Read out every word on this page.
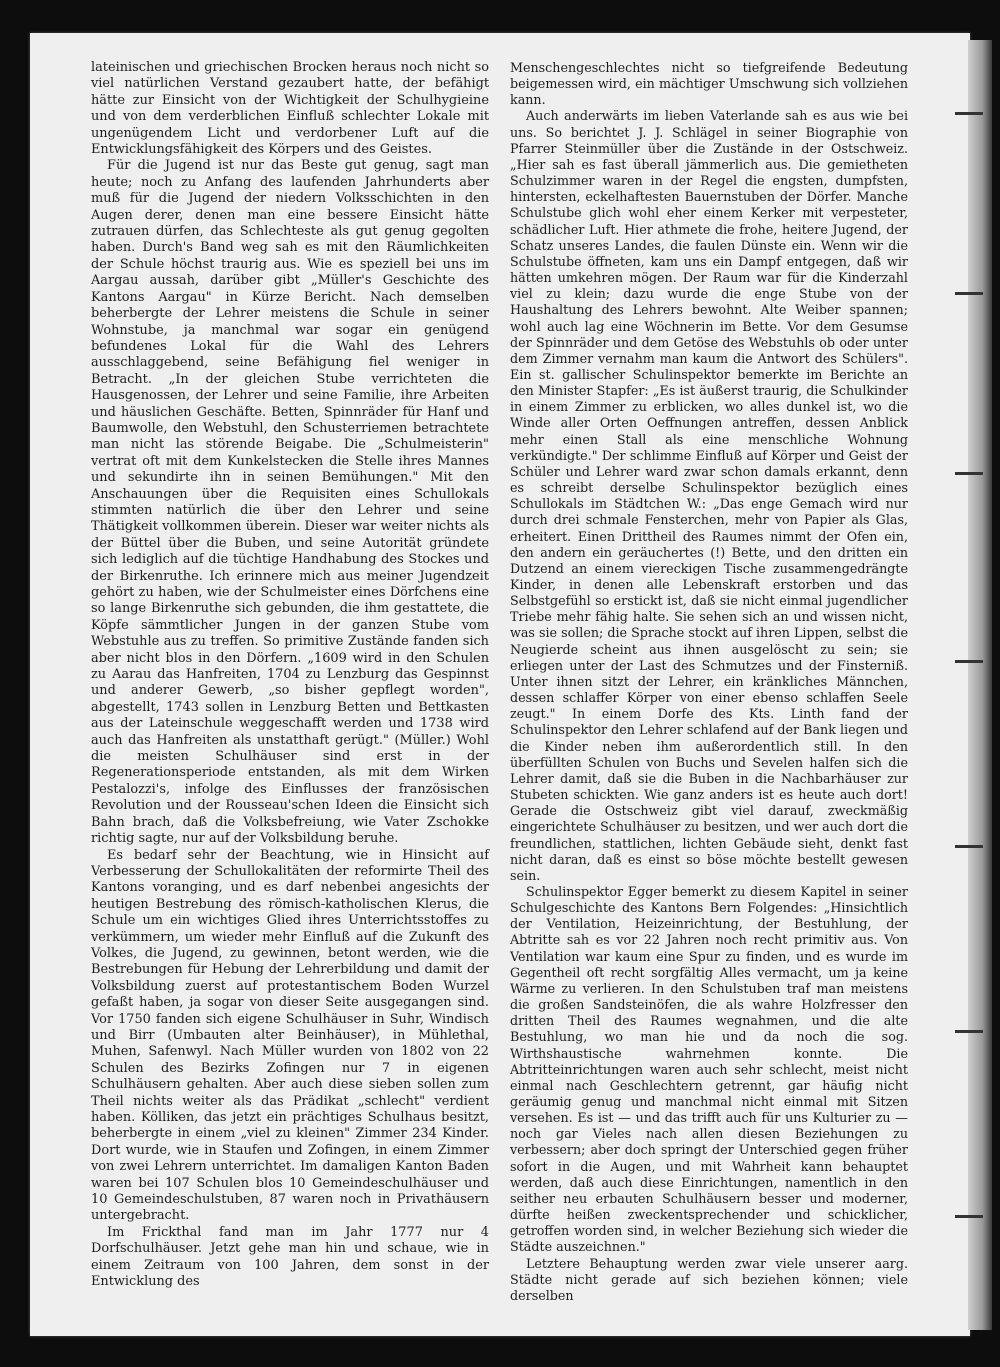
lateinischen und griechischen Brocken heraus noch nicht so viel natürlichen Verstand gezaubert hatte, der befähigt hätte zur Einsicht von der Wichtigkeit der Schulhygieine und von dem verderblichen Einfluß schlechter Lokale mit ungenügendem Licht und verdorbener Luft auf die Entwicklungsfähigkeit des Körpers und des Geistes.

Für die Jugend ist nur das Beste gut genug, sagt man heute; noch zu Anfang des laufenden Jahrhunderts aber muß für die Jugend der niedern Volksschichten in den Augen derer, denen man eine bessere Einsicht hätte zutrauen dürfen, das Schlechteste als gut genug gegolten haben. Durch's Band weg sah es mit den Räumlichkeiten der Schule höchst traurig aus. Wie es speziell bei uns im Aargau aussah, darüber gibt „Müller's Geschichte des Kantons Aargau" in Kürze Bericht. Nach demselben beherbergte der Lehrer meistens die Schule in seiner Wohnstube, ja manchmal war sogar ein genügend befundenes Lokal für die Wahl des Lehrers ausschlaggebend, seine Befähigung fiel weniger in Betracht. „In der gleichen Stube verrichteten die Hausgenossen, der Lehrer und seine Familie, ihre Arbeiten und häuslichen Geschäfte. Betten, Spinnräder für Hanf und Baumwolle, den Webstuhl, den Schusterriemen betrachtete man nicht las störende Beigabe. Die „Schulmeisterin" vertrat oft mit dem Kunkelstecken die Stelle ihres Mannes und sekundirte ihn in seinen Bemühungen." Mit den Anschauungen über die Requisiten eines Schullokals stimmten natürlich die über den Lehrer und seine Thätigkeit vollkommen überein. Dieser war weiter nichts als der Büttel über die Buben, und seine Autorität gründete sich lediglich auf die tüchtige Handhabung des Stockes und der Birkenruthe. Ich erinnere mich aus meiner Jugendzeit gehört zu haben, wie der Schulmeister eines Dörfchens eine so lange Birkenruthe sich gebunden, die ihm gestattete, die Köpfe sämmtlicher Jungen in der ganzen Stube vom Webstuhle aus zu treffen. So primitive Zustände fanden sich aber nicht blos in den Dörfern. „1609 wird in den Schulen zu Aarau das Hanfreiten, 1704 zu Lenzburg das Gespinnst und anderer Gewerb, „so bisher gepflegt worden", abgestellt, 1743 sollen in Lenzburg Betten und Bettkasten aus der Lateinschule weggeschafft werden und 1738 wird auch das Hanfreiten als unstatthaft gerügt." (Müller.) Wohl die meisten Schulhäuser sind erst in der Regenerationsperiode entstanden, als mit dem Wirken Pestalozzi's, infolge des Einflusses der französischen Revolution und der Rousseau'schen Ideen die Einsicht sich Bahn brach, daß die Volksbefreiung, wie Vater Zschokke richtig sagte, nur auf der Volksbildung beruhe.

Es bedarf sehr der Beachtung, wie in Hinsicht auf Verbesserung der Schullokalitäten der reformirte Theil des Kantons voranging, und es darf nebenbei angesichts der heutigen Bestrebung des römisch-katholischen Klerus, die Schule um ein wichtiges Glied ihres Unterrichtsstoffes zu verkümmern, um wieder mehr Einfluß auf die Zukunft des Volkes, die Jugend, zu gewinnen, betont werden, wie die Bestrebungen für Hebung der Lehrerbildung und damit der Volksbildung zuerst auf protestantischem Boden Wurzel gefaßt haben, ja sogar von dieser Seite ausgegangen sind. Vor 1750 fanden sich eigene Schulhäuser in Suhr, Windisch und Birr (Umbauten alter Beinhäuser), in Mühlethal, Muhen, Safenwyl. Nach Müller wurden von 1802 von 22 Schulen des Bezirks Zofingen nur 7 in eigenen Schulhäusern gehalten. Aber auch diese sieben sollen zum Theil nichts weiter als das Prädikat „schlecht" verdient haben. Kölliken, das jetzt ein prächtiges Schulhaus besitzt, beherbergte in einem „viel zu kleinen" Zimmer 234 Kinder. Dort wurde, wie in Staufen und Zofingen, in einem Zimmer von zwei Lehrern unterrichtet. Im damaligen Kanton Baden waren bei 107 Schulen blos 10 Gemeindeschulhäuser und 10 Gemeindeschulstuben, 87 waren noch in Privathäusern untergebracht.

Im Frickthal fand man im Jahr 1777 nur 4 Dorfschulhäuser. Jetzt gehe man hin und schaue, wie in einem Zeitraum von 100 Jahren, dem sonst in der Entwicklung des

Menschengeschlechtes nicht so tiefgreifende Bedeutung beigemessen wird, ein mächtiger Umschwung sich vollziehen kann.

Auch anderwärts im lieben Vaterlande sah es aus wie bei uns. So berichtet J. J. Schlägel in seiner Biographie von Pfarrer Steinmüller über die Zustände in der Ostschweiz. „Hier sah es fast überall jämmerlich aus. Die gemietheten Schulzimmer waren in der Regel die engsten, dumpfsten, hintersten, eckelhaftesten Bauernstuben der Dörfer. Manche Schulstube glich wohl eher einem Kerker mit verpesteter, schädlicher Luft. Hier athmete die frohe, heitere Jugend, der Schatz unseres Landes, die faulen Dünste ein. Wenn wir die Schulstube öffneten, kam uns ein Dampf entgegen, daß wir hätten umkehren mögen. Der Raum war für die Kinderzahl viel zu klein; dazu wurde die enge Stube von der Haushaltung des Lehrers bewohnt. Alte Weiber spannen; wohl auch lag eine Wöchnerin im Bette. Vor dem Gesumse der Spinnräder und dem Getöse des Webstuhls ob oder unter dem Zimmer vernahm man kaum die Antwort des Schülers". Ein st. gallischer Schulinspektor bemerkte im Berichte an den Minister Stapfer: „Es ist äußerst traurig, die Schulkinder in einem Zimmer zu erblicken, wo alles dunkel ist, wo die Winde aller Orten Oeffnungen antreffen, dessen Anblick mehr einen Stall als eine menschliche Wohnung verkündigte." Der schlimme Einfluß auf Körper und Geist der Schüler und Lehrer ward zwar schon damals erkannt, denn es schreibt derselbe Schulinspektor bezüglich eines Schullokals im Städtchen W.: „Das enge Gemach wird nur durch drei schmale Fensterchen, mehr von Papier als Glas, erheitert. Einen Drittheil des Raumes nimmt der Ofen ein, den andern ein geräuchertes (!) Bette, und den dritten ein Dutzend an einem viereckigen Tische zusammengedrängte Kinder, in denen alle Lebenskraft erstorben und das Selbstgefühl so erstickt ist, daß sie nicht einmal jugendlicher Triebe mehr fähig halte. Sie sehen sich an und wissen nicht, was sie sollen; die Sprache stockt auf ihren Lippen, selbst die Neugierde scheint aus ihnen ausgelöscht zu sein; sie erliegen unter der Last des Schmutzes und der Finsterniß. Unter ihnen sitzt der Lehrer, ein kränkliches Männchen, dessen schlaffer Körper von einer ebenso schlaffen Seele zeugt." In einem Dorfe des Kts. Linth fand der Schulinspektor den Lehrer schlafend auf der Bank liegen und die Kinder neben ihm außerordentlich still. In den überfüllten Schulen von Buchs und Sevelen halfen sich die Lehrer damit, daß sie die Buben in die Nachbarhäuser zur Stubeten schickten. Wie ganz anders ist es heute auch dort! Gerade die Ostschweiz gibt viel darauf, zweckmäßig eingerichtete Schulhäuser zu besitzen, und wer auch dort die freundlichen, stattlichen, lichten Gebäude sieht, denkt fast nicht daran, daß es einst so böse möchte bestellt gewesen sein.

Schulinspektor Egger bemerkt zu diesem Kapitel in seiner Schulgeschichte des Kantons Bern Folgendes: „Hinsichtlich der Ventilation, Heizeinrichtung, der Bestuhlung, der Abtritte sah es vor 22 Jahren noch recht primitiv aus. Von Ventilation war kaum eine Spur zu finden, und es wurde im Gegentheil oft recht sorgfältig Alles vermacht, um ja keine Wärme zu verlieren. In den Schulstuben traf man meistens die großen Sandsteinöfen, die als wahre Holzfresser den dritten Theil des Raumes wegnahmen, und die alte Bestuhlung, wo man hie und da noch die sog. Wirthshaustische wahrnehmen konnte. Die Abtritteinrichtungen waren auch sehr schlecht, meist nicht einmal nach Geschlechtern getrennt, gar häufig nicht geräumig genug und manchmal nicht einmal mit Sitzen versehen. Es ist — und das trifft auch für uns Kulturier zu — noch gar Vieles nach allen diesen Beziehungen zu verbessern; aber doch springt der Unterschied gegen früher sofort in die Augen, und mit Wahrheit kann behauptet werden, daß auch diese Einrichtungen, namentlich in den seither neu erbauten Schulhäusern besser und moderner, dürfte heißen zweckentsprechender und schicklicher, getroffen worden sind, in welcher Beziehung sich wieder die Städte auszeichnen."

Letztere Behauptung werden zwar viele unserer aarg. Städte nicht gerade auf sich beziehen können; viele derselben
